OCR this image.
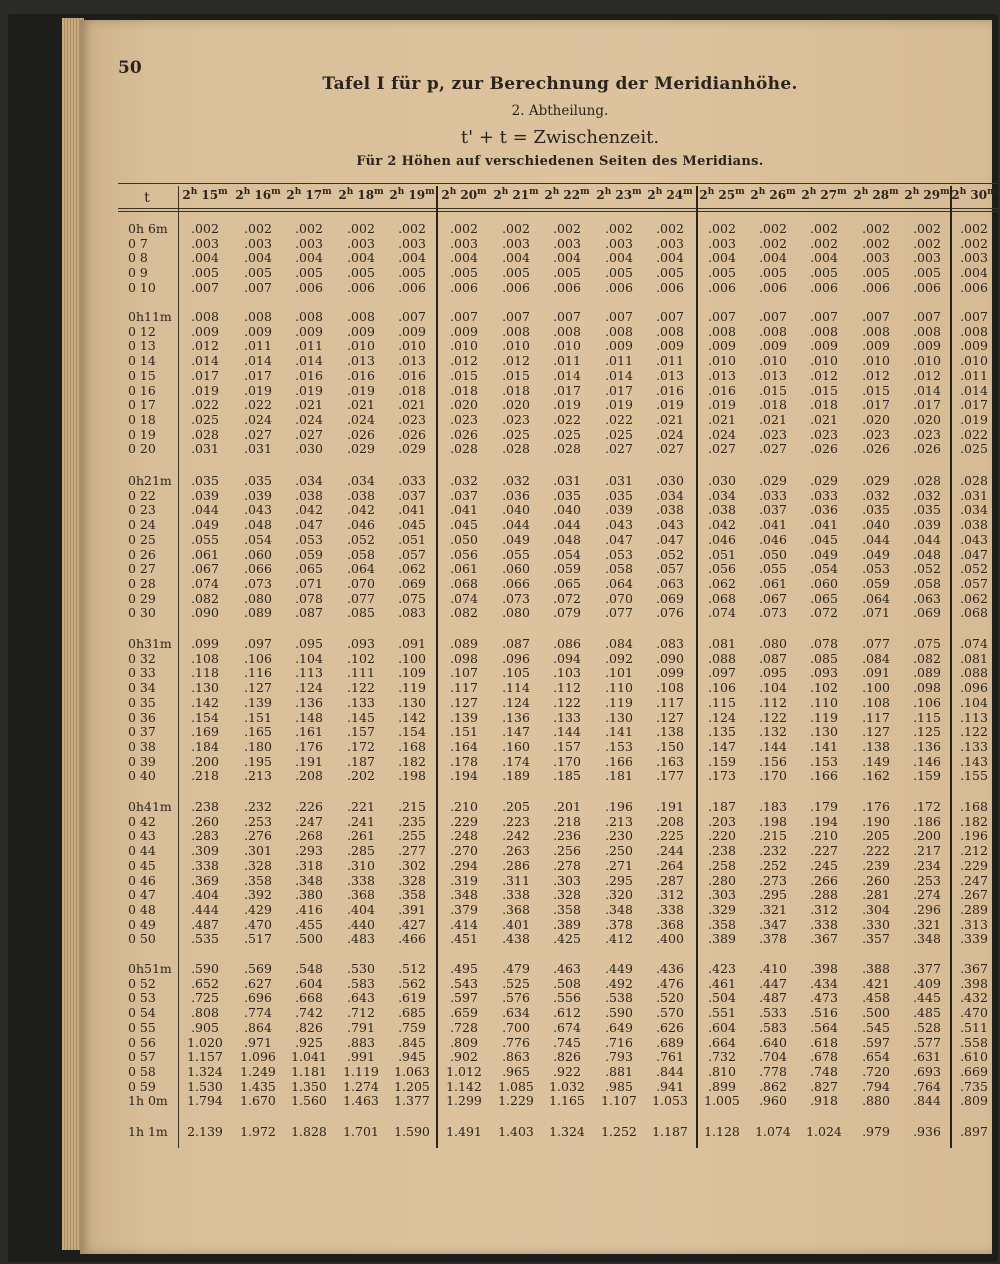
50
Tafel I für p, zur Berechnung der Meridianhöhe.
2. Abtheilung.
t' + t = Zwischenzeit.
Für 2 Höhen auf verschiedenen Seiten des Meridians.
t	2$^h$ 15$^m$ 2$^h$ 16$^m$ 2$^h$ 17$^m$ 2$^h$ 18$^m$ 2$^h$ 19$^m$ 2$^h$ 20$^m$ 2$^h$ 21$^m$ 2$^h$ 22$^m$ 2$^h$ 23$^m$ 2$^h$ 24$^m$ 2$^h$ 25$^m$ 2$^h$ 26$^m$ 2$^h$ 27$^m$ 2$^h$ 28$^m$ 2$^h$ 29$^m$ 2$^h$ 30$^m$
0h 6m	.002	.002	.002	.002	.002	.002	.002	.002	.002	.002	.002	.002	.002	.002	.002	.002
0 7	.003	.003	.003	.003	.003	.003	.003	.003	.003	.003	.003	.002	.002	.002	.002	.002
0 8	.004	.004	.004	.004	.004	.004	.004	.004	.004	.004	.004	.004	.004	.003	.003	.003
0 9	.005	.005	.005	.005	.005	.005	.005	.005	.005	.005	.005	.005	.005	.005	.005	.004
0 10	.007	.007	.006	.006	.006	.006	.006	.006	.006	.006	.006	.006	.006	.006	.006	.006
0h11m	.008	.008	.008	.008	.007	.007	.007	.007	.007	.007	.007	.007	.007	.007	.007	.007
0 12	.009	.009	.009	.009	.009	.009	.008	.008	.008	.008	.008	.008	.008	.008	.008	.008
0 13	.012	.011	.011	.010	.010	.010	.010	.010	.009	.009	.009	.009	.009	.009	.009	.009
0 14	.014	.014	.014	.013	.013	.012	.012	.011	.011	.011	.010	.010	.010	.010	.010	.010
0 15	.017	.017	.016	.016	.016	.015	.015	.014	.014	.013	.013	.013	.012	.012	.012	.011
0 16	.019	.019	.019	.019	.018	.018	.018	.017	.017	.016	.016	.015	.015	.015	.014	.014
0 17	.022	.022	.021	.021	.021	.020	.020	.019	.019	.019	.019	.018	.018	.017	.017	.017
0 18	.025	.024	.024	.024	.023	.023	.023	.022	.022	.021	.021	.021	.021	.020	.020	.019
0 19	.028	.027	.027	.026	.026	.026	.025	.025	.025	.024	.024	.023	.023	.023	.023	.022
0 20	.031	.031	.030	.029	.029	.028	.028	.028	.027	.027	.027	.027	.026	.026	.026	.025
0h21m	.035	.035	.034	.034	.033	.032	.032	.031	.031	.030	.030	.029	.029	.029	.028	.028
0 22	.039	.039	.038	.038	.037	.037	.036	.035	.035	.034	.034	.033	.033	.032	.032	.031
0 23	.044	.043	.042	.042	.041	.041	.040	.040	.039	.038	.038	.037	.036	.035	.035	.034
0 24	.049	.048	.047	.046	.045	.045	.044	.044	.043	.043	.042	.041	.041	.040	.039	.038
0 25	.055	.054	.053	.052	.051	.050	.049	.048	.047	.047	.046	.046	.045	.044	.044	.043
0 26	.061	.060	.059	.058	.057	.056	.055	.054	.053	.052	.051	.050	.049	.049	.048	.047
0 27	.067	.066	.065	.064	.062	.061	.060	.059	.058	.057	.056	.055	.054	.053	.052	.052
0 28	.074	.073	.071	.070	.069	.068	.066	.065	.064	.063	.062	.061	.060	.059	.058	.057
0 29	.082	.080	.078	.077	.075	.074	.073	.072	.070	.069	.068	.067	.065	.064	.063	.062
0 30	.090	.089	.087	.085	.083	.082	.080	.079	.077	.076	.074	.073	.072	.071	.069	.068
0h31m	.099	.097	.095	.093	.091	.089	.087	.086	.084	.083	.081	.080	.078	.077	.075	.074
0 32	.108	.106	.104	.102	.100	.098	.096	.094	.092	.090	.088	.087	.085	.084	.082	.081
0 33	.118	.116	.113	.111	.109	.107	.105	.103	.101	.099	.097	.095	.093	.091	.089	.088
0 34	.130	.127	.124	.122	.119	.117	.114	.112	.110	.108	.106	.104	.102	.100	.098	.096
0 35	.142	.139	.136	.133	.130	.127	.124	.122	.119	.117	.115	.112	.110	.108	.106	.104
0 36	.154	.151	.148	.145	.142	.139	.136	.133	.130	.127	.124	.122	.119	.117	.115	.113
0 37	.169	.165	.161	.157	.154	.151	.147	.144	.141	.138	.135	.132	.130	.127	.125	.122
0 38	.184	.180	.176	.172	.168	.164	.160	.157	.153	.150	.147	.144	.141	.138	.136	.133
0 39	.200	.195	.191	.187	.182	.178	.174	.170	.166	.163	.159	.156	.153	.149	.146	.143
0 40	.218	.213	.208	.202	.198	.194	.189	.185	.181	.177	.173	.170	.166	.162	.159	.155
0h41m	.238	.232	.226	.221	.215	.210	.205	.201	.196	.191	.187	.183	.179	.176	.172	.168
0 42	.260	.253	.247	.241	.235	.229	.223	.218	.213	.208	.203	.198	.194	.190	.186	.182
0 43	.283	.276	.268	.261	.255	.248	.242	.236	.230	.225	.220	.215	.210	.205	.200	.196
0 44	.309	.301	.293	.285	.277	.270	.263	.256	.250	.244	.238	.232	.227	.222	.217	.212
0 45	.338	.328	.318	.310	.302	.294	.286	.278	.271	.264	.258	.252	.245	.239	.234	.229
0 46	.369	.358	.348	.338	.328	.319	.311	.303	.295	.287	.280	.273	.266	.260	.253	.247
0 47	.404	.392	.380	.368	.358	.348	.338	.328	.320	.312	.303	.295	.288	.281	.274	.267
0 48	.444	.429	.416	.404	.391	.379	.368	.358	.348	.338	.329	.321	.312	.304	.296	.289
0 49	.487	.470	.455	.440	.427	.414	.401	.389	.378	.368	.358	.347	.338	.330	.321	.313
0 50	.535	.517	.500	.483	.466	.451	.438	.425	.412	.400	.389	.378	.367	.357	.348	.339
0h51m	.590	.569	.548	.530	.512	.495	.479	.463	.449	.436	.423	.410	.398	.388	.377	.367
0 52	.652	.627	.604	.583	.562	.543	.525	.508	.492	.476	.461	.447	.434	.421	.409	.398
0 53	.725	.696	.668	.643	.619	.597	.576	.556	.538	.520	.504	.487	.473	.458	.445	.432
0 54	.808	.774	.742	.712	.685	.659	.634	.612	.590	.570	.551	.533	.516	.500	.485	.470
0 55	.905	.864	.826	.791	.759	.728	.700	.674	.649	.626	.604	.583	.564	.545	.528	.511
0 56	1.020	.971	.925	.883	.845	.809	.776	.745	.716	.689	.664	.640	.618	.597	.577	.558
0 57	1.157	1.096	1.041	.991	.945	.902	.863	.826	.793	.761	.732	.704	.678	.654	.631	.610
0 58	1.324	1.249	1.181	1.119	1.063	1.012	.965	.922	.881	.844	.810	.778	.748	.720	.693	.669
0 59	1.530	1.435	1.350	1.274	1.205	1.142	1.085	1.032	.985	.941	.899	.862	.827	.794	.764	.735
1h 0m	1.794	1.670	1.560	1.463	1.377	1.299	1.229	1.165	1.107	1.053	1.005	.960	.918	.880	.844	.809
1h 1m	2.139	1.972	1.828	1.701	1.590	1.491	1.403	1.324	1.252	1.187	1.128	1.074	1.024	.979	.936	.897
